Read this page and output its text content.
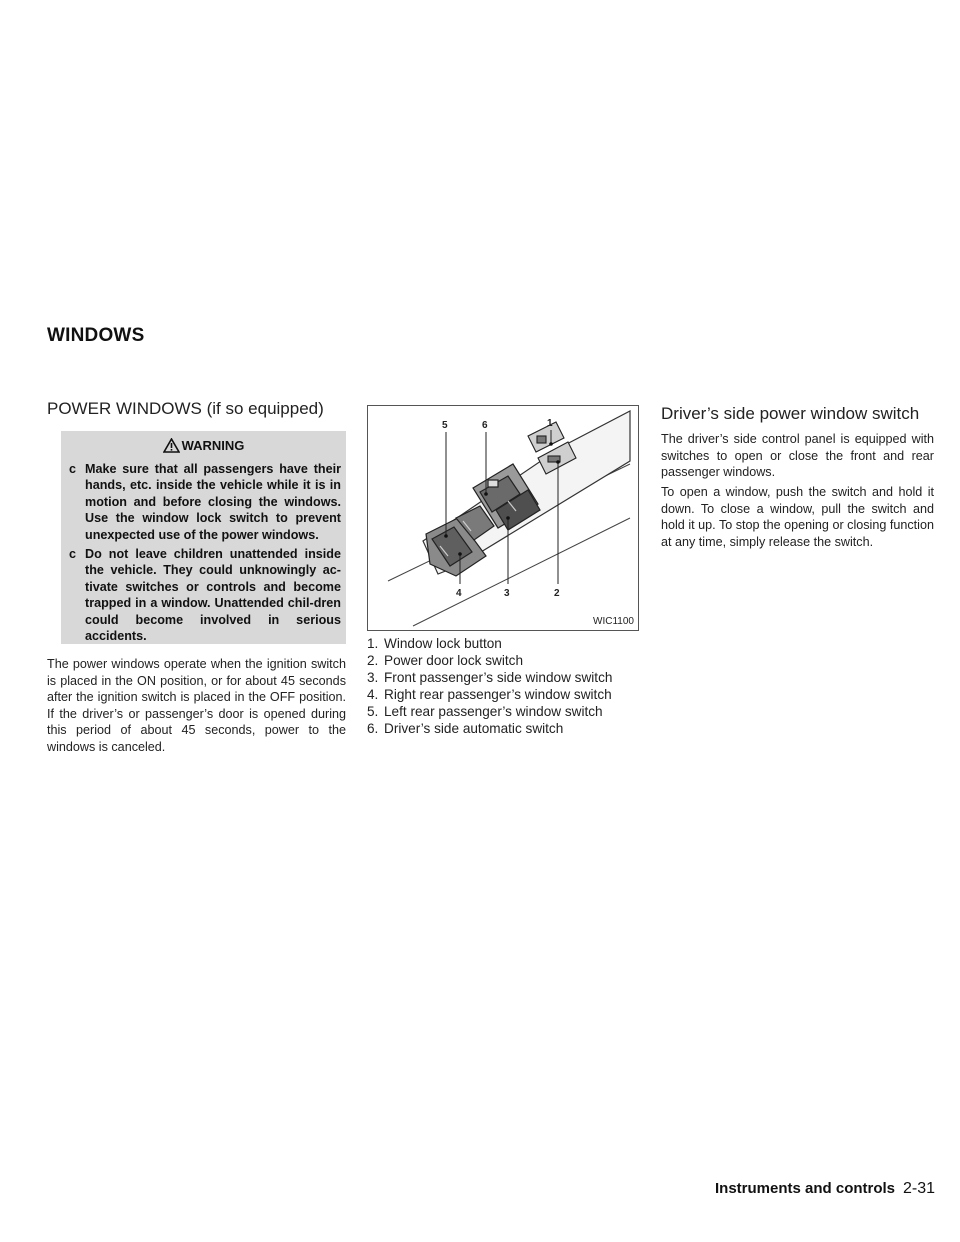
WINDOWS
POWER WINDOWS (if so equipped)
WARNING
c Make sure that all passengers have their hands, etc. inside the vehicle while it is in motion and before closing the windows. Use the window lock switch to prevent unexpected use of the power windows.
c Do not leave children unattended inside the vehicle. They could unknowingly ac-tivate switches or controls and become trapped in a window. Unattended chil-dren could become involved in serious accidents.
The power windows operate when the ignition switch is placed in the ON position, or for about 45 seconds after the ignition switch is placed in the OFF position. If the driver’s or passenger’s door is opened during this period of about 45 seconds, power to the windows is canceled.
5	6	1
2
3
4
WIC1100
1. Window lock button
2. Power door lock switch
3. Front passenger’s side window switch
4. Right rear passenger’s window switch
5. Left rear passenger’s window switch
6. Driver’s side automatic switch
Driver’s side power window switch
The driver’s side control panel is equipped with switches to open or close the front and rear passenger windows.
To open a window, push the switch and hold it down. To close a window, pull the switch and hold it up. To stop the opening or closing function at any time, simply release the switch.
Instruments and controls 2-31
